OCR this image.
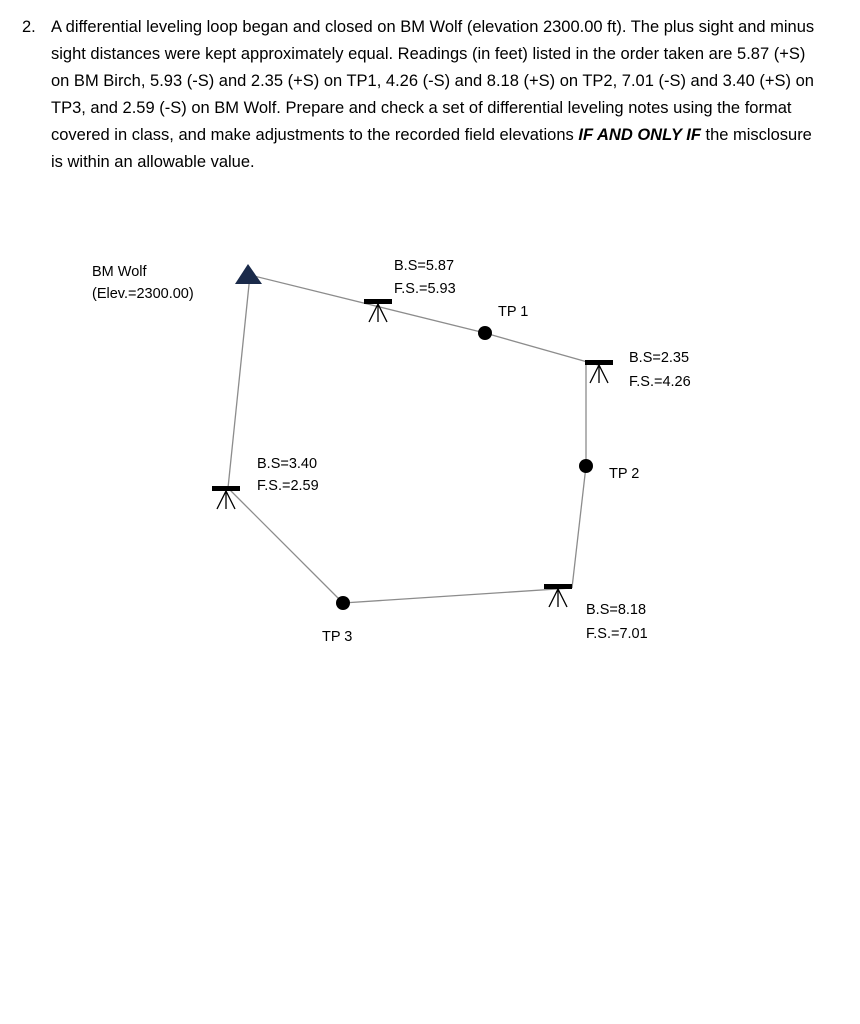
2. A differential leveling loop began and closed on BM Wolf (elevation 2300.00 ft). The plus sight and minus sight distances were kept approximately equal. Readings (in feet) listed in the order taken are 5.87 (+S) on BM Birch, 5.93 (-S) and 2.35 (+S) on TP1, 4.26 (-S) and 8.18 (+S) on TP2, 7.01 (-S) and 3.40 (+S) on TP3, and 2.59 (-S) on BM Wolf. Prepare and check a set of differential leveling notes using the format covered in class, and make adjustments to the recorded field elevations IF AND ONLY IF the misclosure is within an allowable value.
BM Wolf
(Elev.=2300.00)
B.S=5.87
F.S.=5.93
TP 1
B.S=2.35
F.S.=4.26
TP 2
B.S=3.40
F.S.=2.59
B.S=8.18
F.S.=7.01
TP 3
